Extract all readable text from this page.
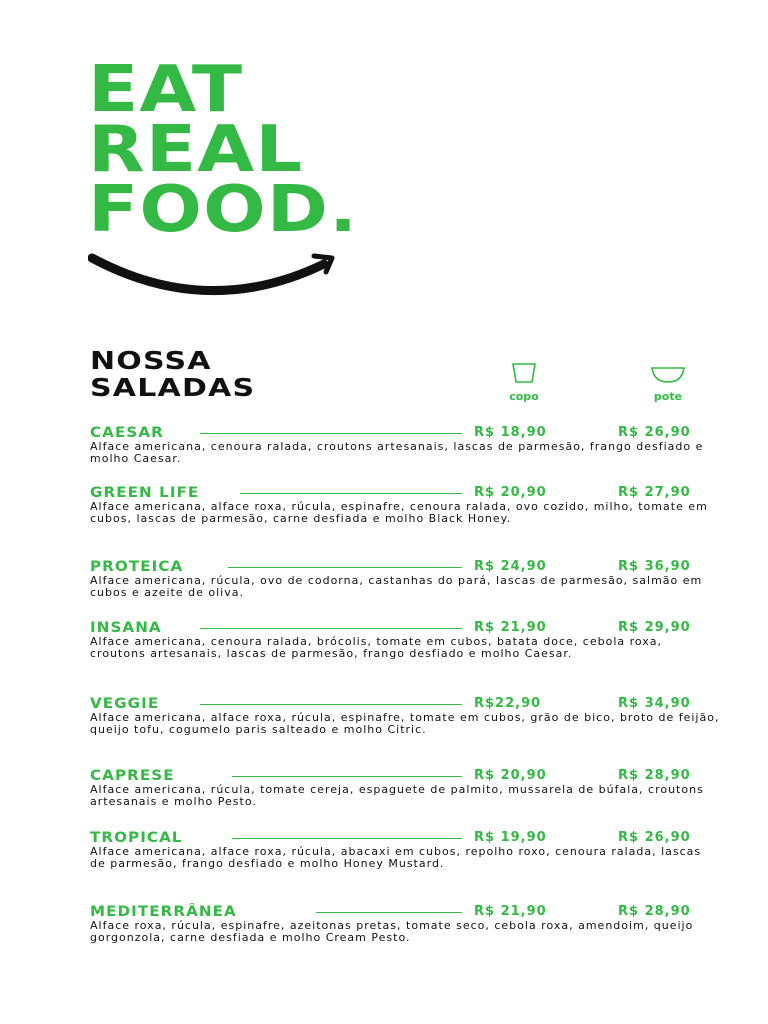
EAT
REAL
FOOD.
NOSSA
SALADAS	copo	pote
CAESAR	R$ 18,90	R$ 26,90
Alface americana, cenoura ralada, croutons artesanais, lascas de parmesão, frango desfiado e molho Caesar.
GREEN LIFE	R$ 20,90	R$ 27,90
Alface americana, alface roxa, rúcula, espinafre, cenoura ralada, ovo cozido, milho, tomate em cubos, lascas de parmesão, carne desfiada e molho Black Honey.
PROTEICA	R$ 24,90	R$ 36,90
Alface americana, rúcula, ovo de codorna, castanhas do pará, lascas de parmesão, salmão em cubos e azeite de oliva.
INSANA	R$ 21,90	R$ 29,90
Alface americana, cenoura ralada, brócolis, tomate em cubos, batata doce, cebola roxa, croutons artesanais, lascas de parmesão, frango desfiado e molho Caesar.
VEGGIE	R$22,90	R$ 34,90
Alface americana, alface roxa, rúcula, espinafre, tomate em cubos, grão de bico, broto de feijão, queijo tofu, cogumelo paris salteado e molho Citric.
CAPRESE	R$ 20,90	R$ 28,90
Alface americana, rúcula, tomate cereja, espaguete de palmito, mussarela de búfala, croutons artesanais e molho Pesto.
TROPICAL	R$ 19,90	R$ 26,90
Alface americana, alface roxa, rúcula, abacaxi em cubos, repolho roxo, cenoura ralada, lascas de parmesão, frango desfiado e molho Honey Mustard.
MEDITERRÂNEA	R$ 21,90	R$ 28,90
Alface roxa, rúcula, espinafre, azeitonas pretas, tomate seco, cebola roxa, amendoim, queijo gorgonzola, carne desfiada e molho Cream Pesto.
